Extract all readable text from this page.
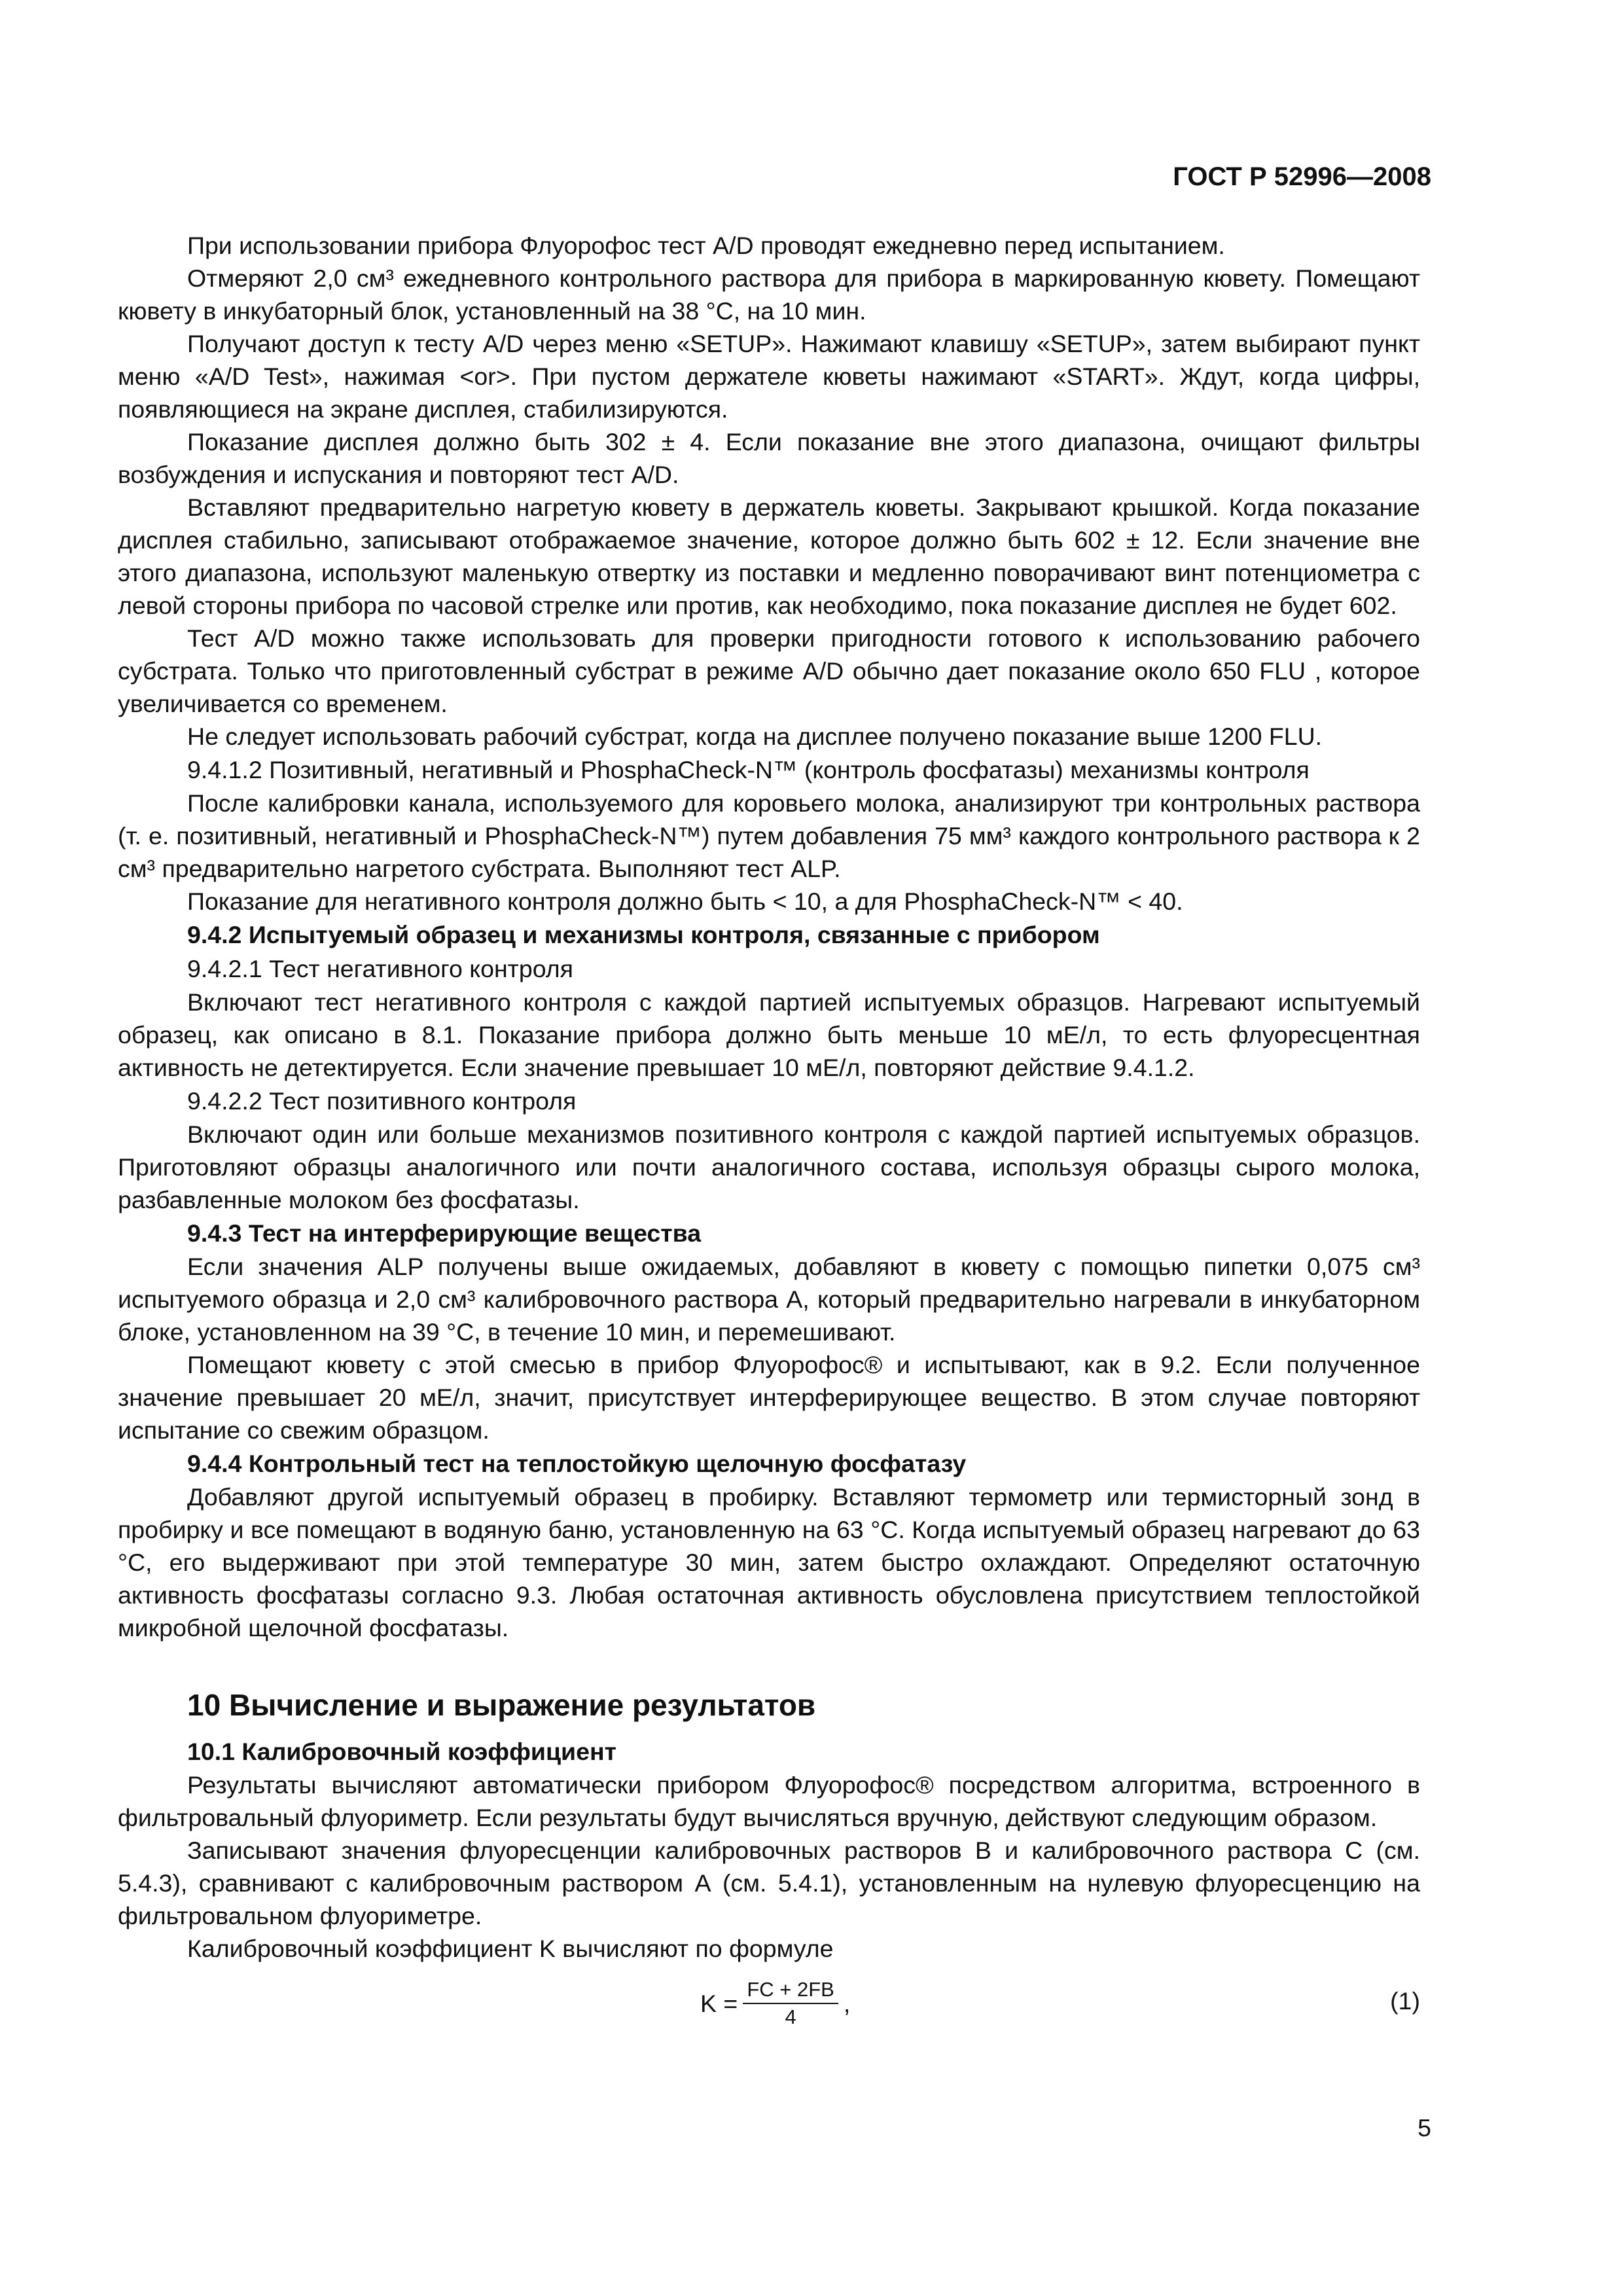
ГОСТ Р 52996—2008

При использовании прибора Флуорофос тест A/D проводят ежедневно перед испытанием.

Отмеряют 2,0 см³ ежедневного контрольного раствора для прибора в маркированную кювету. Помещают кювету в инкубаторный блок, установленный на 38 °С, на 10 мин.

Получают доступ к тесту A/D через меню «SETUP». Нажимают клавишу «SETUP», затем выбирают пункт меню «A/D Test», нажимая <or>. При пустом держателе кюветы нажимают «START». Ждут, когда цифры, появляющиеся на экране дисплея, стабилизируются.

Показание дисплея должно быть 302 ± 4. Если показание вне этого диапазона, очищают фильтры возбуждения и испускания и повторяют тест A/D.

Вставляют предварительно нагретую кювету в держатель кюветы. Закрывают крышкой. Когда показание дисплея стабильно, записывают отображаемое значение, которое должно быть 602 ± 12. Если значение вне этого диапазона, используют маленькую отвертку из поставки и медленно поворачивают винт потенциометра с левой стороны прибора по часовой стрелке или против, как необходимо, пока показание дисплея не будет 602.

Тест A/D можно также использовать для проверки пригодности готового к использованию рабочего субстрата. Только что приготовленный субстрат в режиме A/D обычно дает показание около 650 FLU , которое увеличивается со временем.

Не следует использовать рабочий субстрат, когда на дисплее получено показание выше 1200 FLU.

9.4.1.2 Позитивный, негативный и PhosphaCheck-N™ (контроль фосфатазы) механизмы контроля

После калибровки канала, используемого для коровьего молока, анализируют три контрольных раствора (т. е. позитивный, негативный и PhosphaCheck-N™) путем добавления 75 мм³ каждого контрольного раствора к 2 см³ предварительно нагретого субстрата. Выполняют тест ALP.

Показание для негативного контроля должно быть < 10, а для PhosphaCheck-N™ < 40.

9.4.2 Испытуемый образец и механизмы контроля, связанные с прибором
9.4.2.1 Тест негативного контроля

Включают тест негативного контроля с каждой партией испытуемых образцов. Нагревают испытуемый образец, как описано в 8.1. Показание прибора должно быть меньше 10 мЕ/л, то есть флуоресцентная активность не детектируется. Если значение превышает 10 мЕ/л, повторяют действие 9.4.1.2.

9.4.2.2 Тест позитивного контроля

Включают один или больше механизмов позитивного контроля с каждой партией испытуемых образцов. Приготовляют образцы аналогичного или почти аналогичного состава, используя образцы сырого молока, разбавленные молоком без фосфатазы.

9.4.3 Тест на интерферирующие вещества

Если значения ALP получены выше ожидаемых, добавляют в кювету с помощью пипетки 0,075 см³ испытуемого образца и 2,0 см³ калибровочного раствора А, который предварительно нагревали в инкубаторном блоке, установленном на 39 °С, в течение 10 мин, и перемешивают.

Помещают кювету с этой смесью в прибор Флуорофос® и испытывают, как в 9.2. Если полученное значение превышает 20 мЕ/л, значит, присутствует интерферирующее вещество. В этом случае повторяют испытание со свежим образцом.

9.4.4 Контрольный тест на теплостойкую щелочную фосфатазу

Добавляют другой испытуемый образец в пробирку. Вставляют термометр или термисторный зонд в пробирку и все помещают в водяную баню, установленную на 63 °С. Когда испытуемый образец нагревают до 63 °С, его выдерживают при этой температуре 30 мин, затем быстро охлаждают. Определяют остаточную активность фосфатазы согласно 9.3. Любая остаточная активность обусловлена присутствием теплостойкой микробной щелочной фосфатазы.

10 Вычисление и выражение результатов
10.1 Калибровочный коэффициент

Результаты вычисляют автоматически прибором Флуорофос® посредством алгоритма, встроенного в фильтровальный флуориметр. Если результаты будут вычисляться вручную, действуют следующим образом.

Записывают значения флуоресценции калибровочных растворов В и калибровочного раствора С (см. 5.4.3), сравнивают с калибровочным раствором А (см. 5.4.1), установленным на нулевую флуоресценцию на фильтровальном флуориметре.

Калибровочный коэффициент K вычисляют по формуле

$K = \frac{FC + 2FB}{4}$ ,	(1)
5
